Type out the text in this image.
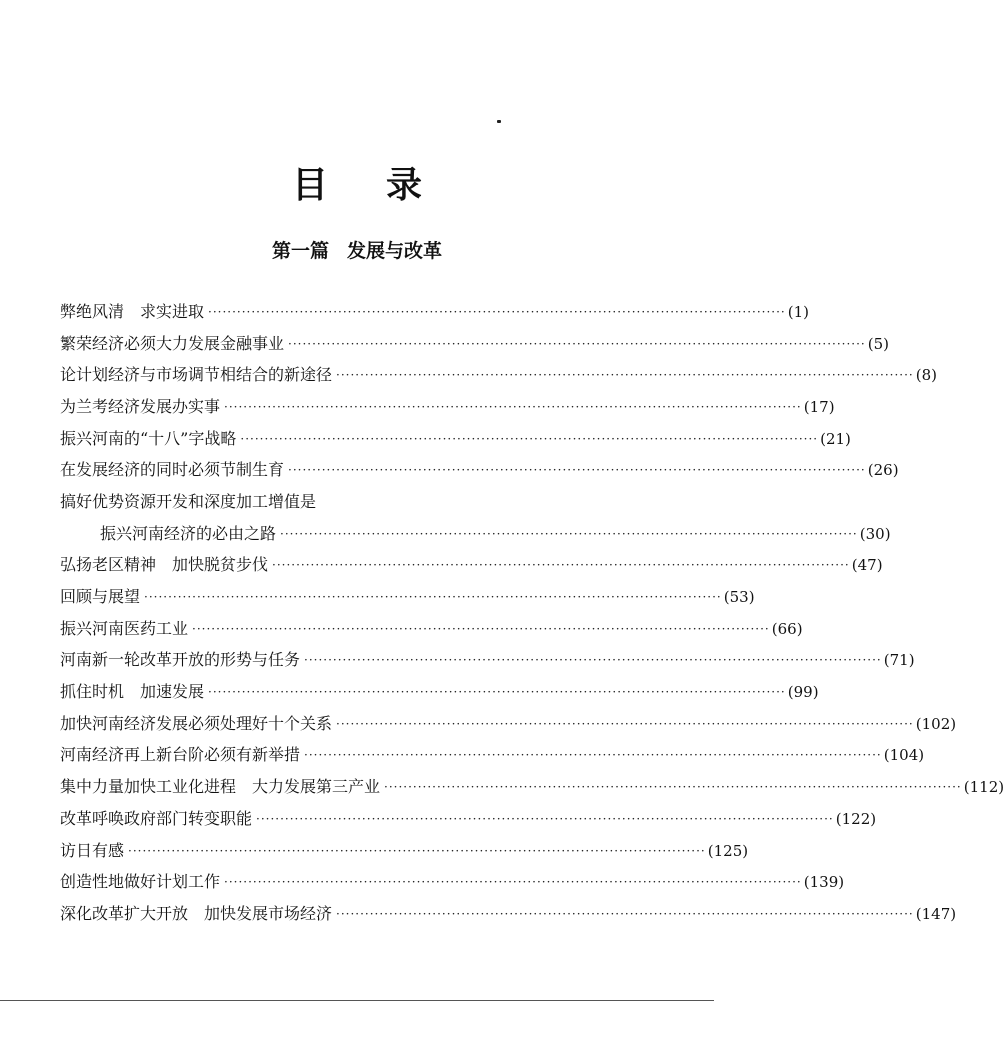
目 录
第一篇 发展与改革
弊绝风清　求实进取 ························································································································ (1)
繁荣经济必须大力发展金融事业 ························································································································ (5)
论计划经济与市场调节相结合的新途径 ························································································································ (8)
为兰考经济发展办实事 ························································································································ (17)
振兴河南的“十八”字战略 ························································································································ (21)
在发展经济的同时必须节制生育 ························································································································ (26)
搞好优势资源开发和深度加工增值是
振兴河南经济的必由之路 ························································································································ (30)
弘扬老区精神　加快脱贫步伐 ························································································································ (47)
回顾与展望 ························································································································ (53)
振兴河南医药工业 ························································································································ (66)
河南新一轮改革开放的形势与任务 ························································································································ (71)
抓住时机　加速发展 ························································································································ (99)
加快河南经济发展必须处理好十个关系 ························································································································ (102)
河南经济再上新台阶必须有新举措 ························································································································ (104)
集中力量加快工业化进程　大力发展第三产业 ························································································································ (112)
改革呼唤政府部门转变职能 ························································································································ (122)
访日有感 ························································································································ (125)
创造性地做好计划工作 ························································································································ (139)
深化改革扩大开放　加快发展市场经济 ························································································································ (147)
